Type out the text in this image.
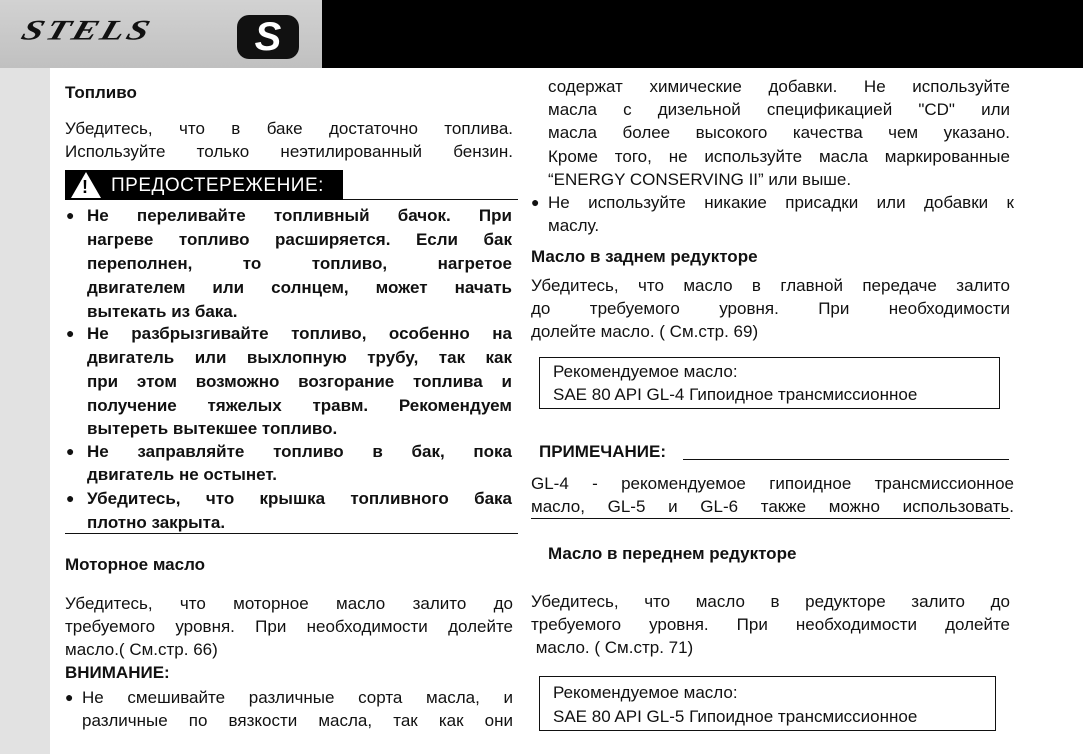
STELS	S
Топливо
Убедитесь, что в баке достаточно топлива.
Используйте только неэтилированный бензин.
! ПРЕДОСТЕРЕЖЕНИЕ:
● Не переливайте топливный бачок. При
нагреве топливо расширяется. Если бак
переполнен, то топливо, нагретое
двигателем или солнцем, может начать
вытекать из бака.
● Не разбрызгивайте топливо, особенно на
двигатель или выхлопную трубу, так как
при этом возможно возгорание топлива и
получение тяжелых травм. Рекомендуем
вытереть вытекшее топливо.
● Не заправляйте топливо в бак, пока
двигатель не остынет.
● Убедитесь, что крышка топливного бака
плотно закрыта.
Моторное масло
Убедитесь, что моторное масло залито до
требуемого уровня. При необходимости долейте
масло.( См.стр. 66)
ВНИМАНИЕ:
● Не смешивайте различные сорта масла, и
различные по вязкости масла, так как они
содержат химические добавки. Не используйте
масла с дизельной спецификацией "CD" или
масла более высокого качества чем указано.
Кроме того, не используйте масла маркированные
“ENERGY CONSERVING II” или выше.
● Не используйте никакие присадки или добавки к
маслу.
Масло в заднем редукторе
Убедитесь, что масло в главной передаче залито
до требуемого уровня. При необходимости
долейте масло. ( См.стр. 69)
Рекомендуемое масло:
SAE 80 API GL-4 Гипоидное трансмиссионное
ПРИМЕЧАНИЕ:
GL-4 - рекомендуемое гипоидное трансмиссионное
масло, GL-5 и GL-6 также можно использовать.
Масло в переднем редукторе
Убедитесь, что масло в редукторе залито до
требуемого уровня. При необходимости долейте
масло. ( См.стр. 71)
Рекомендуемое масло:
SAE 80 API GL-5 Гипоидное трансмиссионное
